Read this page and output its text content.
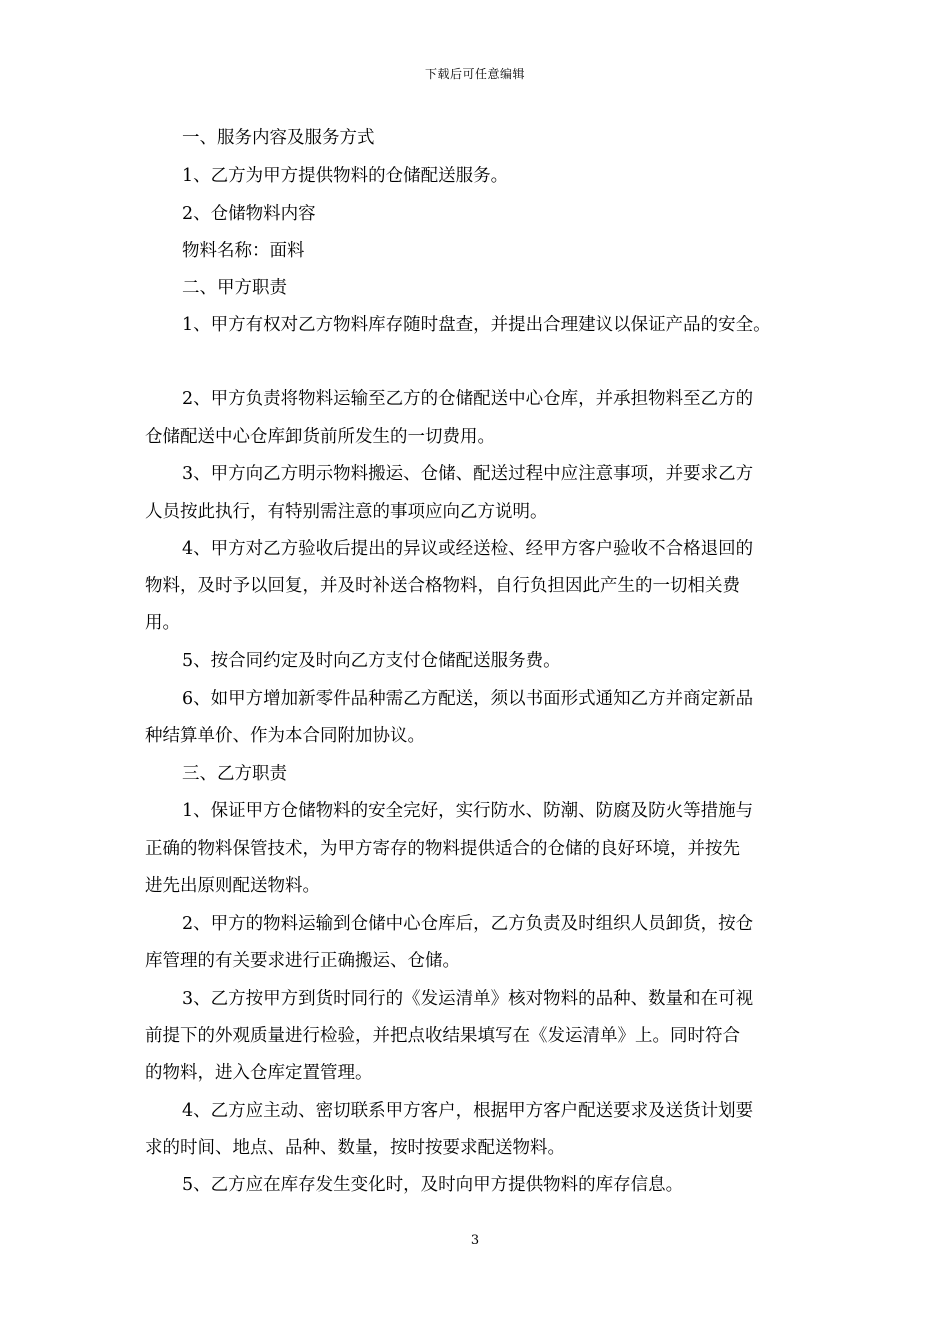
下载后可任意编辑

一、服务内容及服务方式

1、乙方为甲方提供物料的仓储配送服务。

2、仓储物料内容

物料名称：面料

二、甲方职责

1、甲方有权对乙方物料库存随时盘查，并提出合理建议以保证产品的安全。

2、甲方负责将物料运输至乙方的仓储配送中心仓库，并承担物料至乙方的

仓储配送中心仓库卸货前所发生的一切费用。

3、甲方向乙方明示物料搬运、仓储、配送过程中应注意事项，并要求乙方

人员按此执行，有特别需注意的事项应向乙方说明。

4、甲方对乙方验收后提出的异议或经送检、经甲方客户验收不合格退回的

物料，及时予以回复，并及时补送合格物料，自行负担因此产生的一切相关费

用。

5、按合同约定及时向乙方支付仓储配送服务费。

6、如甲方增加新零件品种需乙方配送，须以书面形式通知乙方并商定新品

种结算单价、作为本合同附加协议。

三、乙方职责

1、保证甲方仓储物料的安全完好，实行防水、防潮、防腐及防火等措施与

正确的物料保管技术，为甲方寄存的物料提供适合的仓储的良好环境，并按先

进先出原则配送物料。

2、甲方的物料运输到仓储中心仓库后，乙方负责及时组织人员卸货，按仓

库管理的有关要求进行正确搬运、仓储。

3、乙方按甲方到货时同行的《发运清单》核对物料的品种、数量和在可视

前提下的外观质量进行检验，并把点收结果填写在《发运清单》上。同时符合

的物料，进入仓库定置管理。

4、乙方应主动、密切联系甲方客户，根据甲方客户配送要求及送货计划要

求的时间、地点、品种、数量，按时按要求配送物料。

5、乙方应在库存发生变化时，及时向甲方提供物料的库存信息。

3
